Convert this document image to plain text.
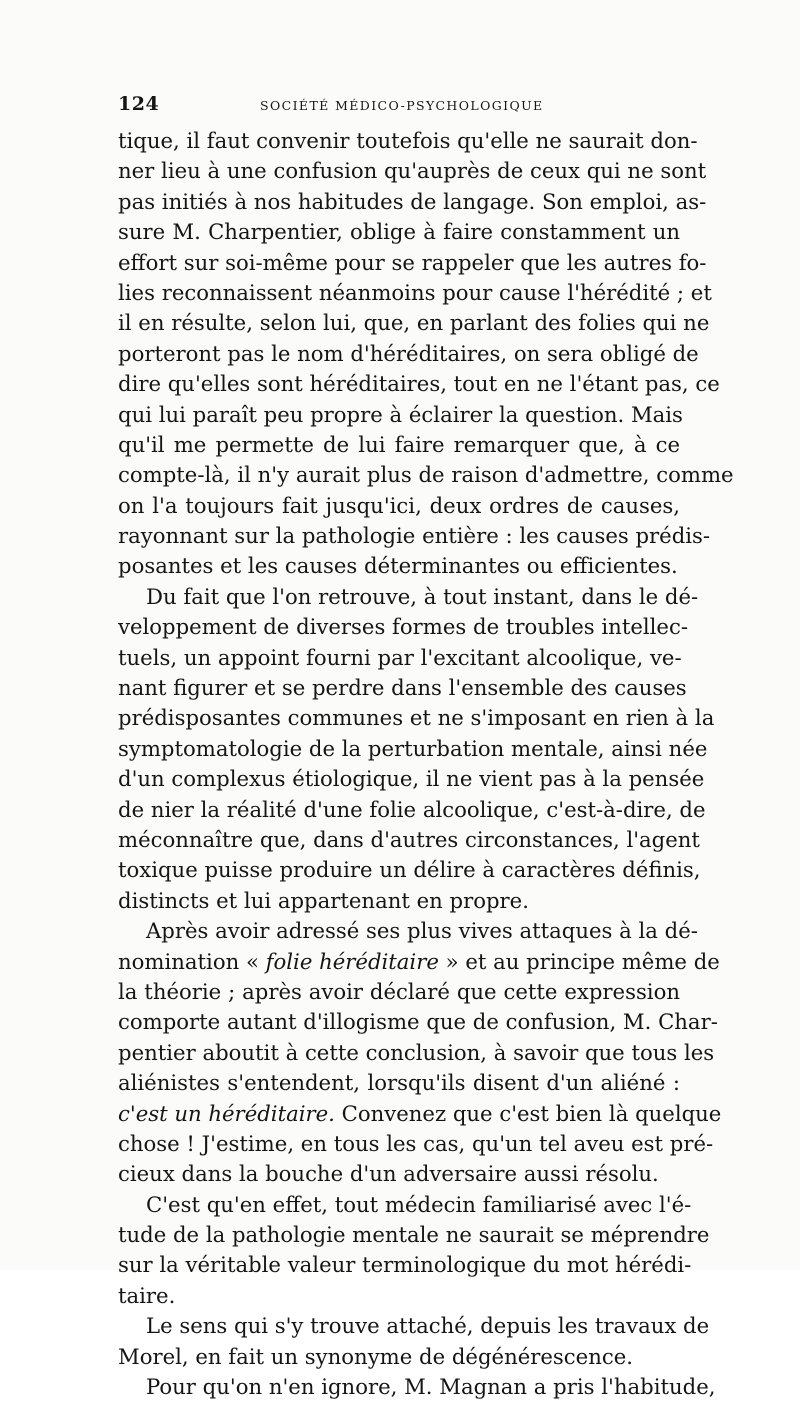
124	SOCIÉTÉ MÉDICO-PSYCHOLOGIQUE
tique, il faut convenir toutefois qu'elle ne saurait don-
ner lieu à une confusion qu'auprès de ceux qui ne sont
pas initiés à nos habitudes de langage. Son emploi, as-
sure M. Charpentier, oblige à faire constamment un
effort sur soi-même pour se rappeler que les autres fo-
lies reconnaissent néanmoins pour cause l'hérédité ; et
il en résulte, selon lui, que, en parlant des folies qui ne
porteront pas le nom d'héréditaires, on sera obligé de
dire qu'elles sont héréditaires, tout en ne l'étant pas, ce
qui lui paraît peu propre à éclairer la question. Mais
qu'il me permette de lui faire remarquer que, à ce
compte-là, il n'y aurait plus de raison d'admettre, comme
on l'a toujours fait jusqu'ici, deux ordres de causes,
rayonnant sur la pathologie entière : les causes prédis-
posantes et les causes déterminantes ou efficientes.
Du fait que l'on retrouve, à tout instant, dans le dé-
veloppement de diverses formes de troubles intellec-
tuels, un appoint fourni par l'excitant alcoolique, ve-
nant figurer et se perdre dans l'ensemble des causes
prédisposantes communes et ne s'imposant en rien à la
symptomatologie de la perturbation mentale, ainsi née
d'un complexus étiologique, il ne vient pas à la pensée
de nier la réalité d'une folie alcoolique, c'est-à-dire, de
méconnaître que, dans d'autres circonstances, l'agent
toxique puisse produire un délire à caractères définis,
distincts et lui appartenant en propre.
Après avoir adressé ses plus vives attaques à la dé-
nomination « folie héréditaire » et au principe même de
la théorie ; après avoir déclaré que cette expression
comporte autant d'illogisme que de confusion, M. Char-
pentier aboutit à cette conclusion, à savoir que tous les
aliénistes s'entendent, lorsqu'ils disent d'un aliéné :
c'est un héréditaire. Convenez que c'est bien là quelque
chose ! J'estime, en tous les cas, qu'un tel aveu est pré-
cieux dans la bouche d'un adversaire aussi résolu.
C'est qu'en effet, tout médecin familiarisé avec l'é-
tude de la pathologie mentale ne saurait se méprendre
sur la véritable valeur terminologique du mot hérédi-
taire.
Le sens qui s'y trouve attaché, depuis les travaux de
Morel, en fait un synonyme de dégénérescence.
Pour qu'on n'en ignore, M. Magnan a pris l'habitude,
